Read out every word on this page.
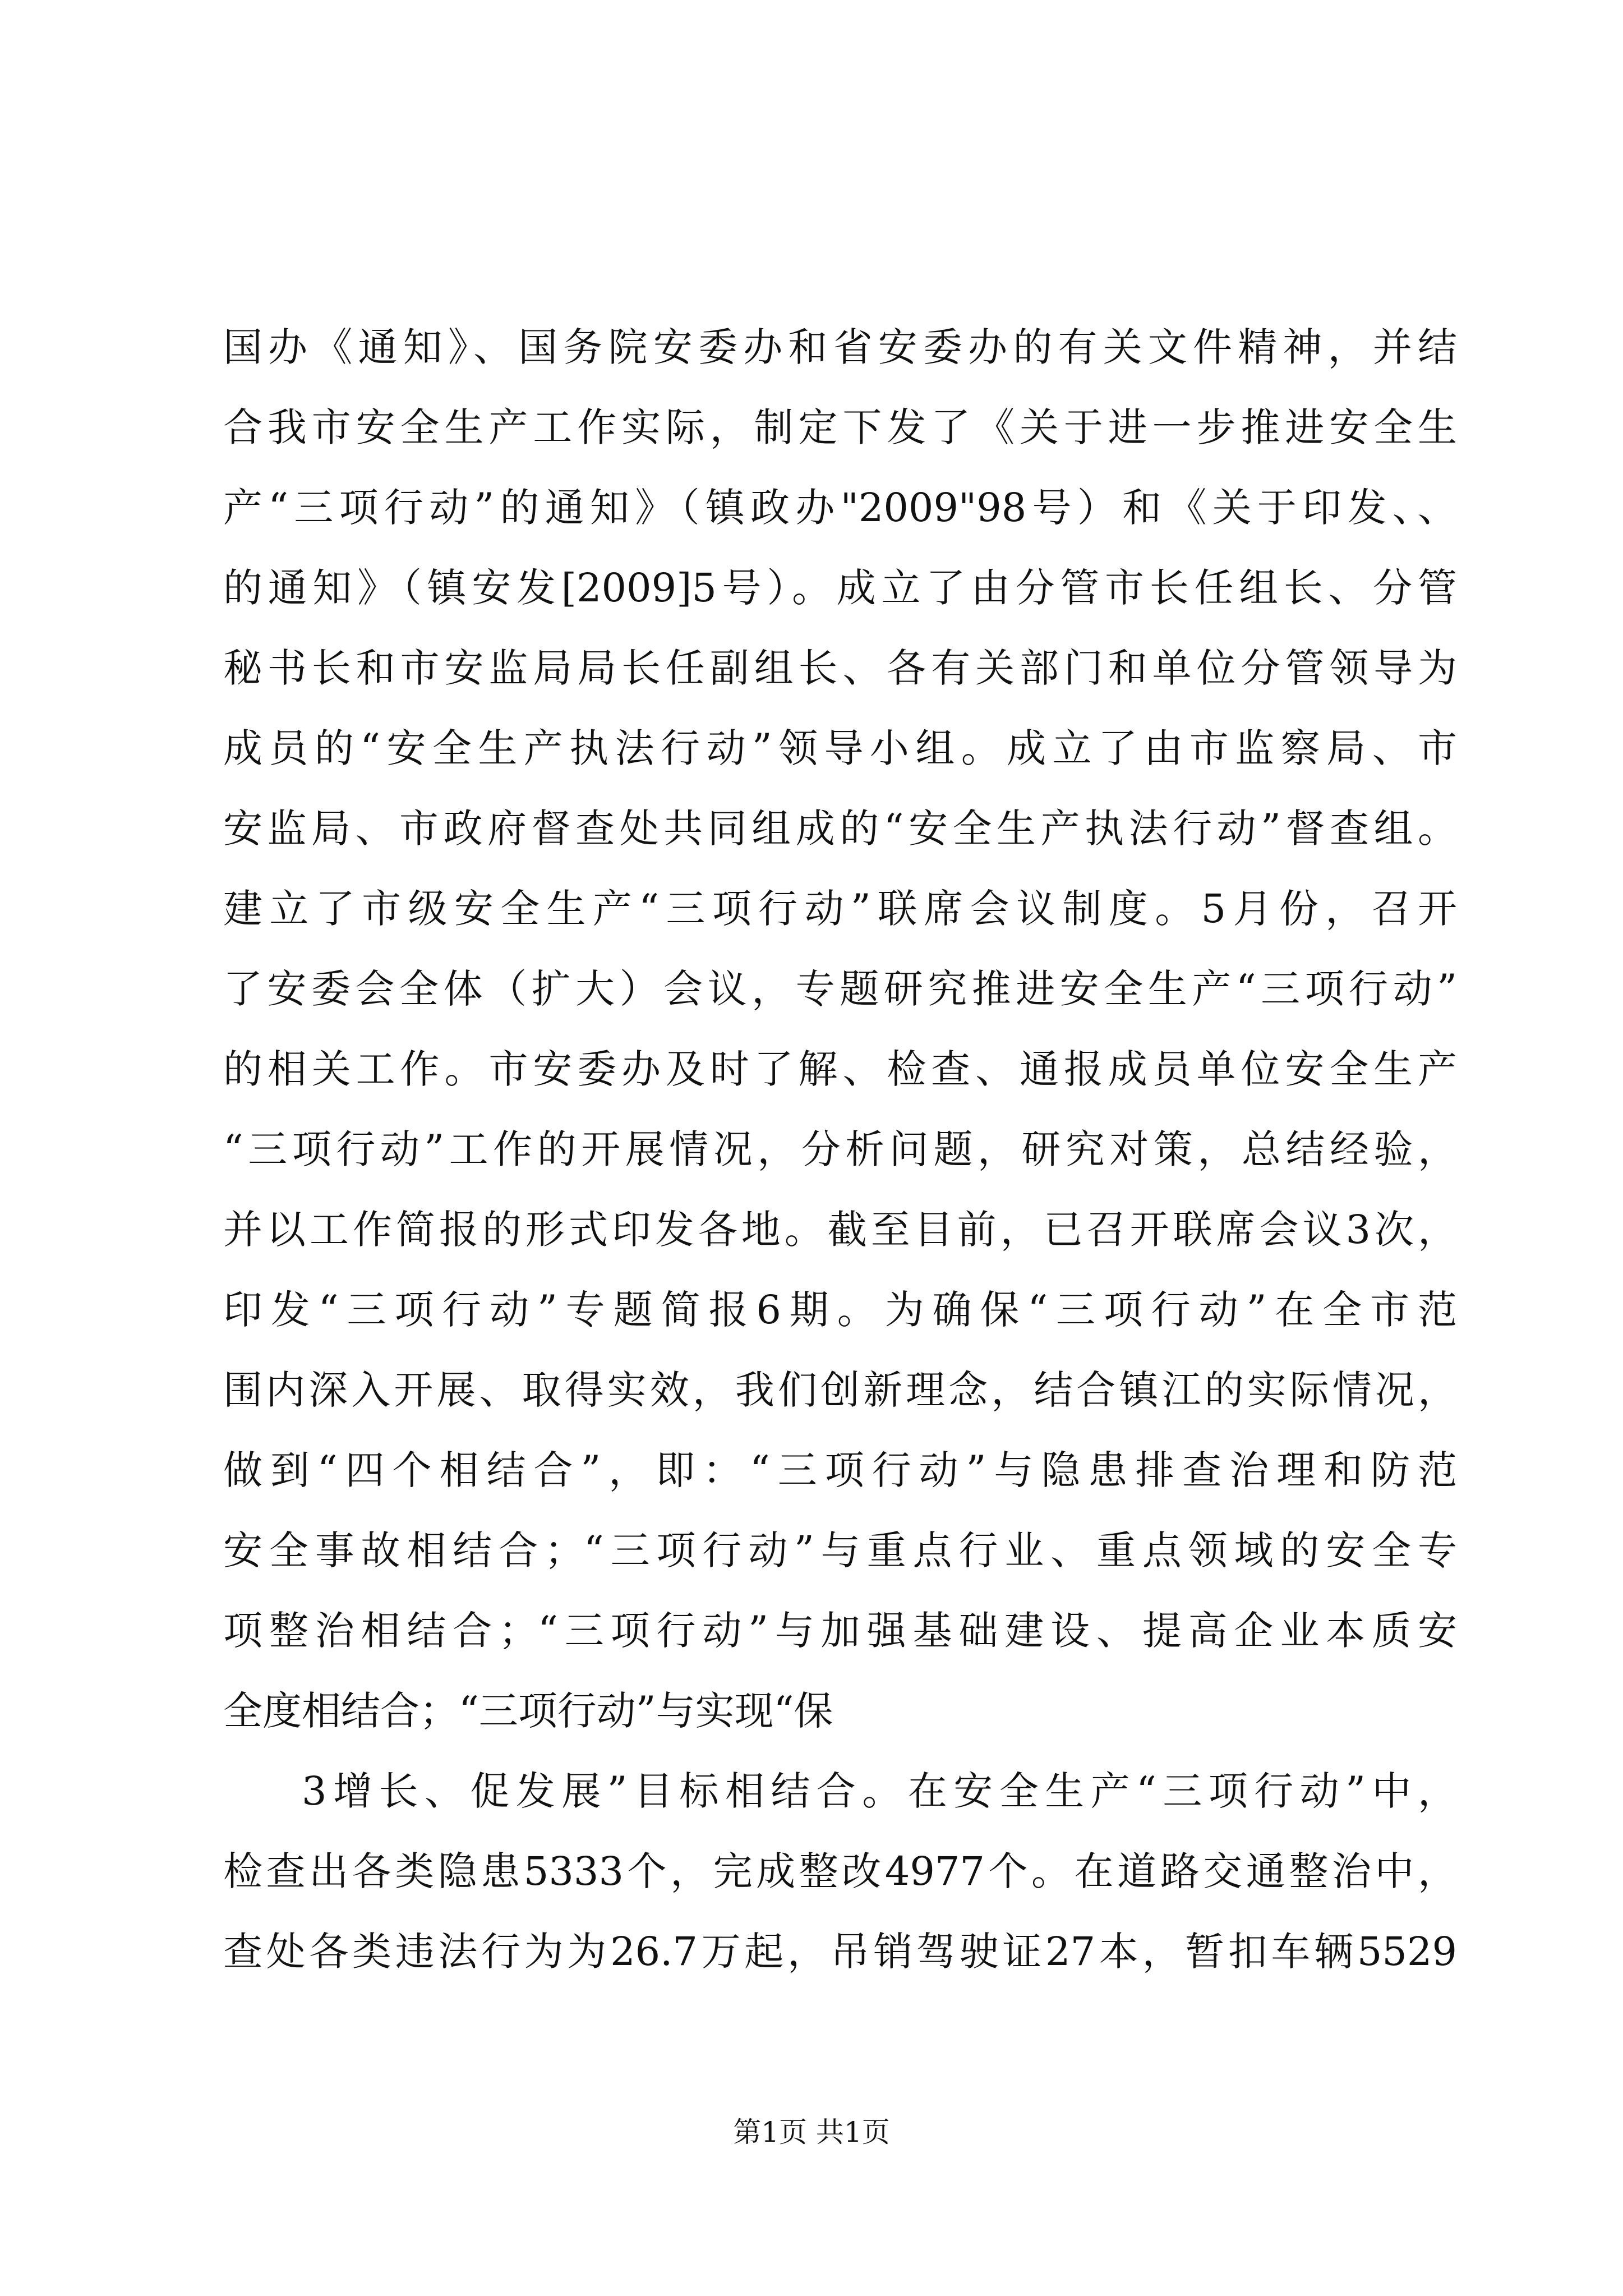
国办《通知》、国务院安委办和省安委办的有关文件精神，并结
合我市安全生产工作实际，制定下发了《关于进一步推进安全生
产“三项行动”的通知》（镇政办"2009"98号）和《关于印发、、
的通知》（镇安发[2009]5号）。成立了由分管市长任组长、分管
秘书长和市安监局局长任副组长、各有关部门和单位分管领导为
成员的“安全生产执法行动”领导小组。成立了由市监察局、市
安监局、市政府督查处共同组成的“安全生产执法行动”督查组。
建立了市级安全生产“三项行动”联席会议制度。5月份，召开
了安委会全体（扩大）会议，专题研究推进安全生产“三项行动”
的相关工作。市安委办及时了解、检查、通报成员单位安全生产
“三项行动”工作的开展情况，分析问题，研究对策，总结经验，
并以工作简报的形式印发各地。截至目前，已召开联席会议3次，
印发“三项行动”专题简报6期。为确保“三项行动”在全市范
围内深入开展、取得实效，我们创新理念，结合镇江的实际情况，
做到“四个相结合”，即：“三项行动”与隐患排查治理和防范
安全事故相结合；“三项行动”与重点行业、重点领域的安全专
项整治相结合；“三项行动”与加强基础建设、提高企业本质安
全度相结合；“三项行动”与实现“保
3增长、促发展”目标相结合。在安全生产“三项行动”中，
检查出各类隐患5333个，完成整改4977个。在道路交通整治中，
查处各类违法行为为26.7万起，吊销驾驶证27本，暂扣车辆5529
第1页 共1页
